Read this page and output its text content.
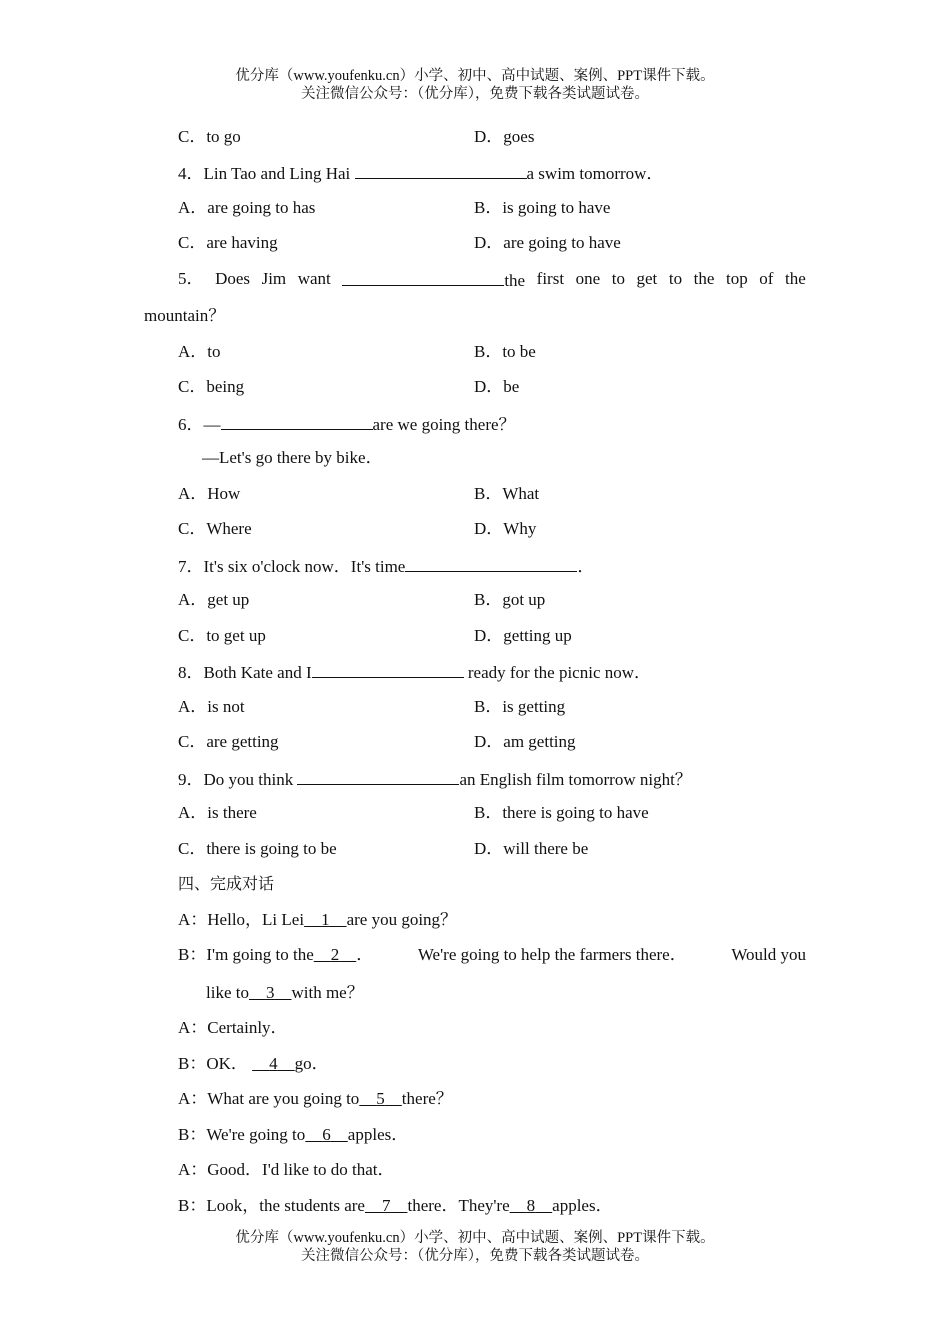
优分库（www.youfenku.cn）小学、初中、高中试题、案例、PPT课件下载。
关注微信公众号：（优分库），免费下载各类试题试卷。
C．to go	D．goes
4．Lin Tao and Ling Hai	a swim tomorrow．
A．are going to has	B．is going to have
C．are having	D．are going to have
5． Does Jim want	the first one to get to the top of the
mountain？
A．to	B．to be
C．being	D．be
6．—	are we going there？
—Let's go there by bike．
A．How	B．What
C．Where	D．Why
7．It's six o'clock now．It's time	．
A．get up	B．got up
C．to get up	D．getting up
8．Both Kate and I	ready for the picnic now．
A．is not	B．is getting
C．are getting	D．am getting
9．Do you think	an English film tomorrow night？
A．is there	B．there is going to have
C．there is going to be	D．will there be
四、完成对话
A：Hello，Li Lei 1 are you going？
B：I'm going to the 2 ．	We're going to help the farmers there．	Would you
like to 3 with me？
A：Certainly．
B：OK． 4 go．
A：What are you going to 5 there？
B：We're going to 6 apples．
A：Good．I'd like to do that．
B：Look，the students are 7 there．They're 8 apples．
优分库（www.youfenku.cn）小学、初中、高中试题、案例、PPT课件下载。
关注微信公众号：（优分库），免费下载各类试题试卷。
